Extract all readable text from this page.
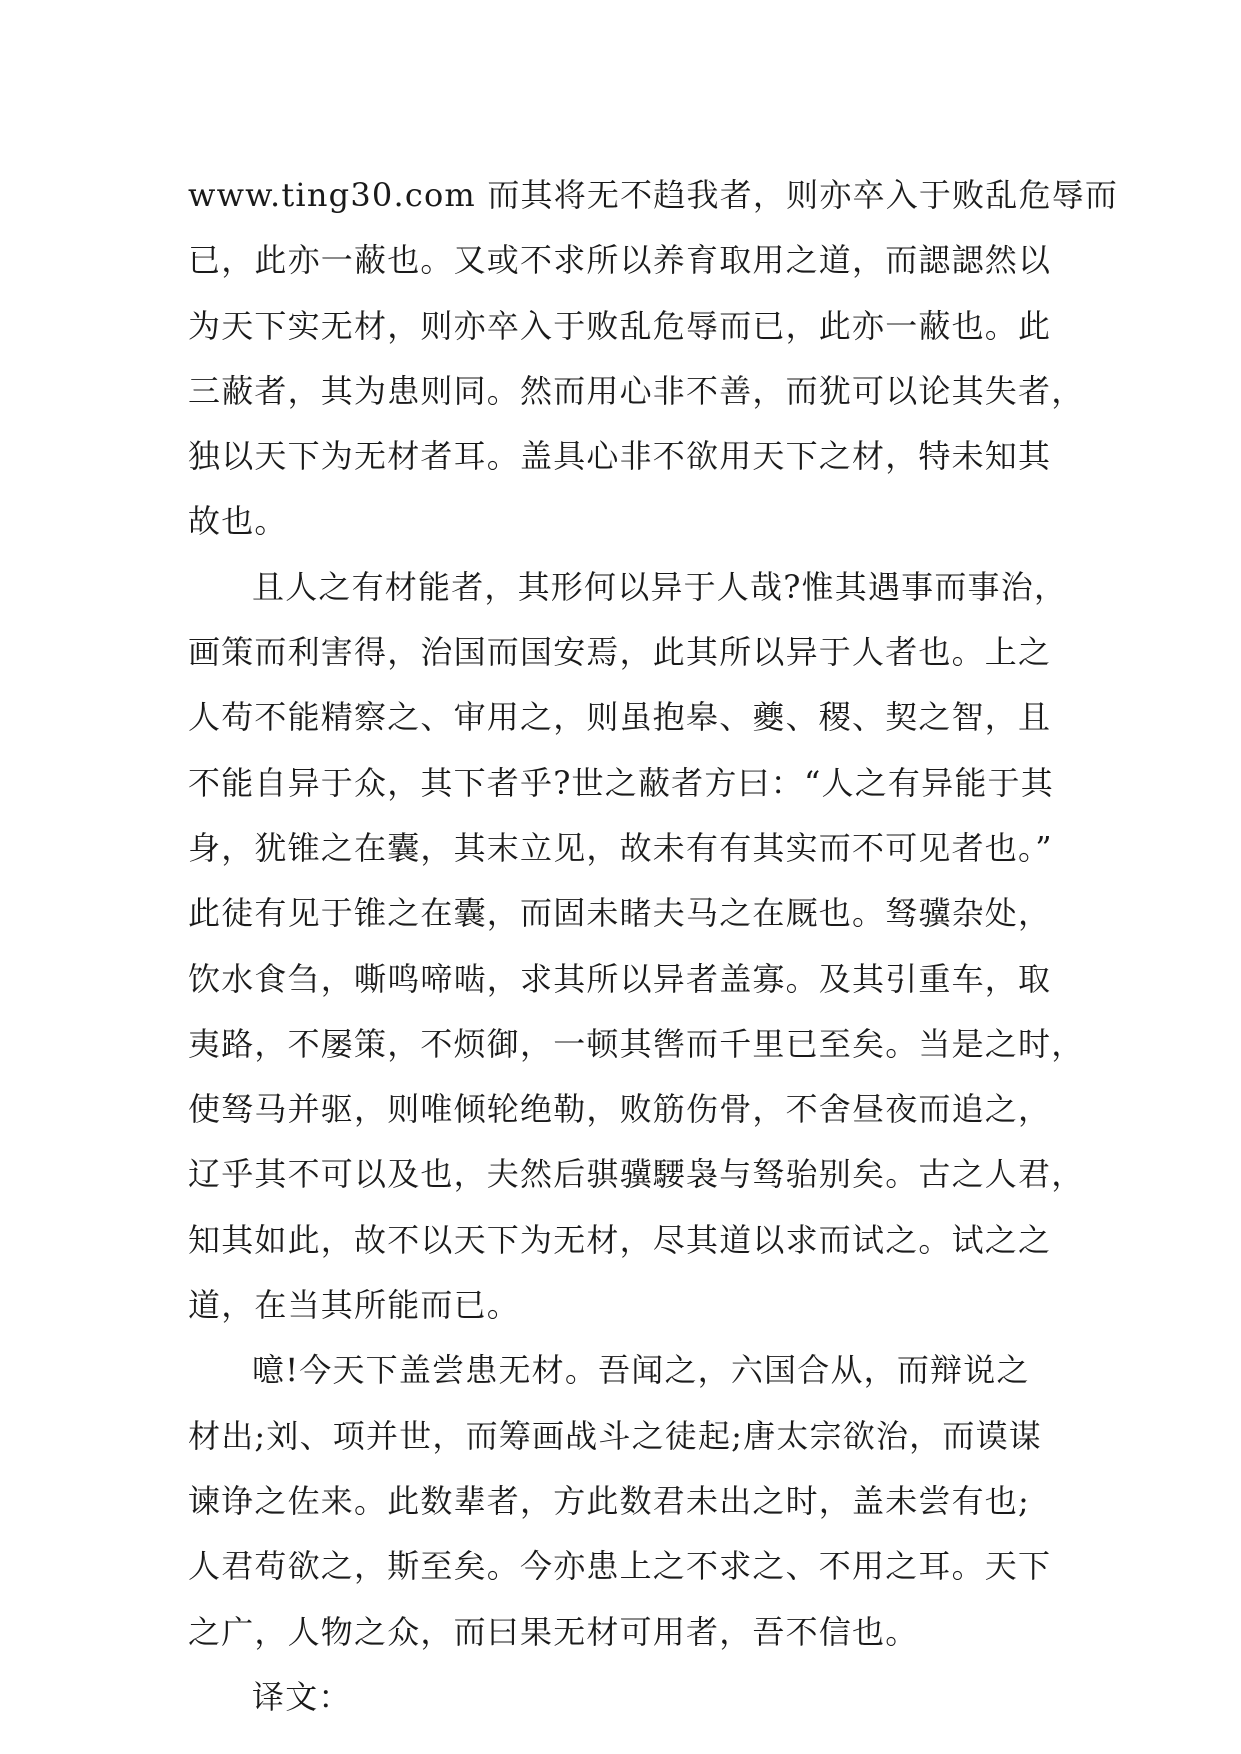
www.ting30.com 而其将无不趋我者，则亦卒入于败乱危辱而
已，此亦一蔽也。又或不求所以养育取用之道，而諰諰然以
为天下实无材，则亦卒入于败乱危辱而已，此亦一蔽也。此
三蔽者，其为患则同。然而用心非不善，而犹可以论其失者，
独以天下为无材者耳。盖具心非不欲用天下之材，特未知其
故也。
且人之有材能者，其形何以异于人哉?惟其遇事而事治，
画策而利害得，治国而国安焉，此其所以异于人者也。上之
人苟不能精察之、审用之，则虽抱皋、夔、稷、契之智，且
不能自异于众，其下者乎?世之蔽者方曰：“人之有异能于其
身，犹锥之在囊，其末立见，故未有有其实而不可见者也。”
此徒有见于锥之在囊，而固未睹夫马之在厩也。驽骥杂处，
饮水食刍，嘶鸣啼啮，求其所以异者盖寡。及其引重车，取
夷路，不屡策，不烦御，一顿其辔而千里已至矣。当是之时，
使驽马并驱，则唯倾轮绝勒，败筋伤骨，不舍昼夜而追之，
辽乎其不可以及也，夫然后骐骥騕袅与驽骀别矣。古之人君，
知其如此，故不以天下为无材，尽其道以求而试之。试之之
道，在当其所能而已。
噫!今天下盖尝患无材。吾闻之，六国合从，而辩说之
材出;刘、项并世，而筹画战斗之徒起;唐太宗欲治，而谟谋
谏诤之佐来。此数辈者，方此数君未出之时，盖未尝有也;
人君苟欲之，斯至矣。今亦患上之不求之、不用之耳。天下
之广，人物之众，而曰果无材可用者，吾不信也。
译文：
